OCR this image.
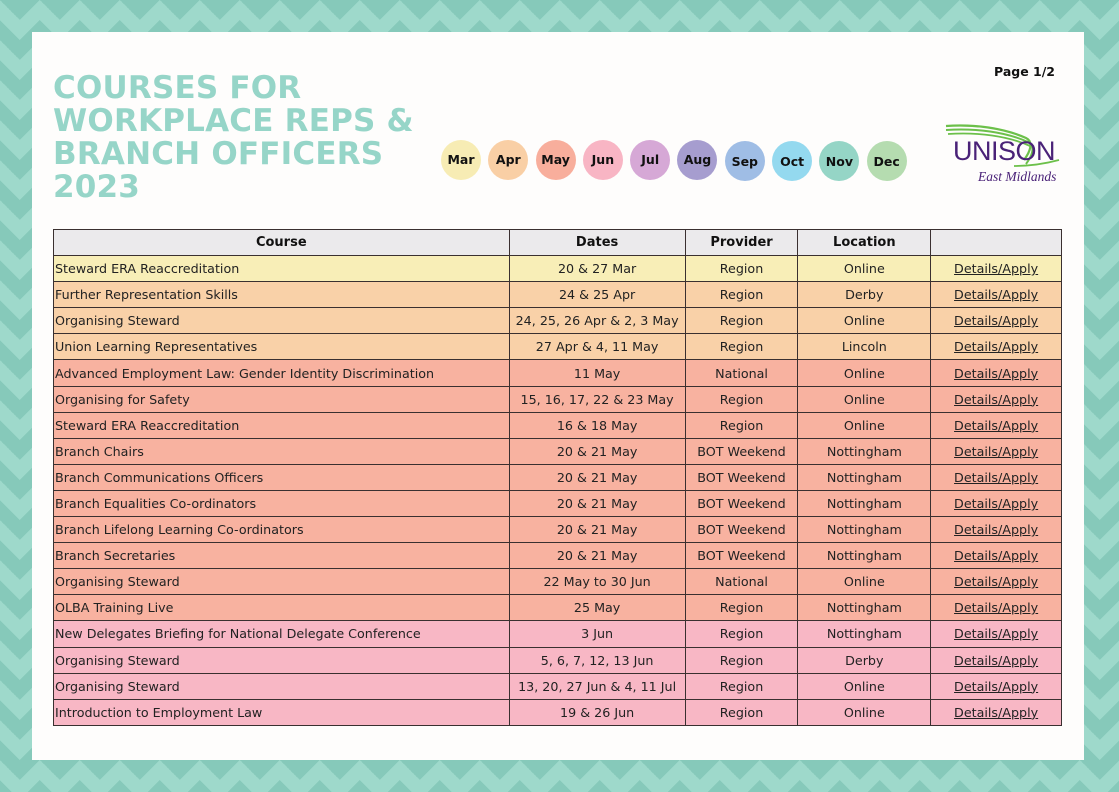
COURSES FOR
WORKPLACE REPS &
BRANCH OFFICERS
2023
Page 1/2
Mar	Apr	May	Jun	Jul	Aug	Sep	Oct	Nov	Dec UNISON
East Midlands
Course	Dates	Provider	Location	
Steward ERA Reaccreditation	20 & 27 Mar	Region	Online	Details/Apply
Further Representation Skills	24 & 25 Apr	Region	Derby	Details/Apply
Organising Steward	24, 25, 26 Apr & 2, 3 May	Region	Online	Details/Apply
Union Learning Representatives	27 Apr & 4, 11 May	Region	Lincoln	Details/Apply
Advanced Employment Law: Gender Identity Discrimination	11 May	National	Online	Details/Apply
Organising for Safety	15, 16, 17, 22 & 23 May	Region	Online	Details/Apply
Steward ERA Reaccreditation	16 & 18 May	Region	Online	Details/Apply
Branch Chairs	20 & 21 May	BOT Weekend	Nottingham	Details/Apply
Branch Communications Officers	20 & 21 May	BOT Weekend	Nottingham	Details/Apply
Branch Equalities Co-ordinators	20 & 21 May	BOT Weekend	Nottingham	Details/Apply
Branch Lifelong Learning Co-ordinators	20 & 21 May	BOT Weekend	Nottingham	Details/Apply
Branch Secretaries	20 & 21 May	BOT Weekend	Nottingham	Details/Apply
Organising Steward	22 May to 30 Jun	National	Online	Details/Apply
OLBA Training Live	25 May	Region	Nottingham	Details/Apply
New Delegates Briefing for National Delegate Conference	3 Jun	Region	Nottingham	Details/Apply
Organising Steward	5, 6, 7, 12, 13 Jun	Region	Derby	Details/Apply
Organising Steward	13, 20, 27 Jun & 4, 11 Jul	Region	Online	Details/Apply
Introduction to Employment Law	19 & 26 Jun	Region	Online	Details/Apply
